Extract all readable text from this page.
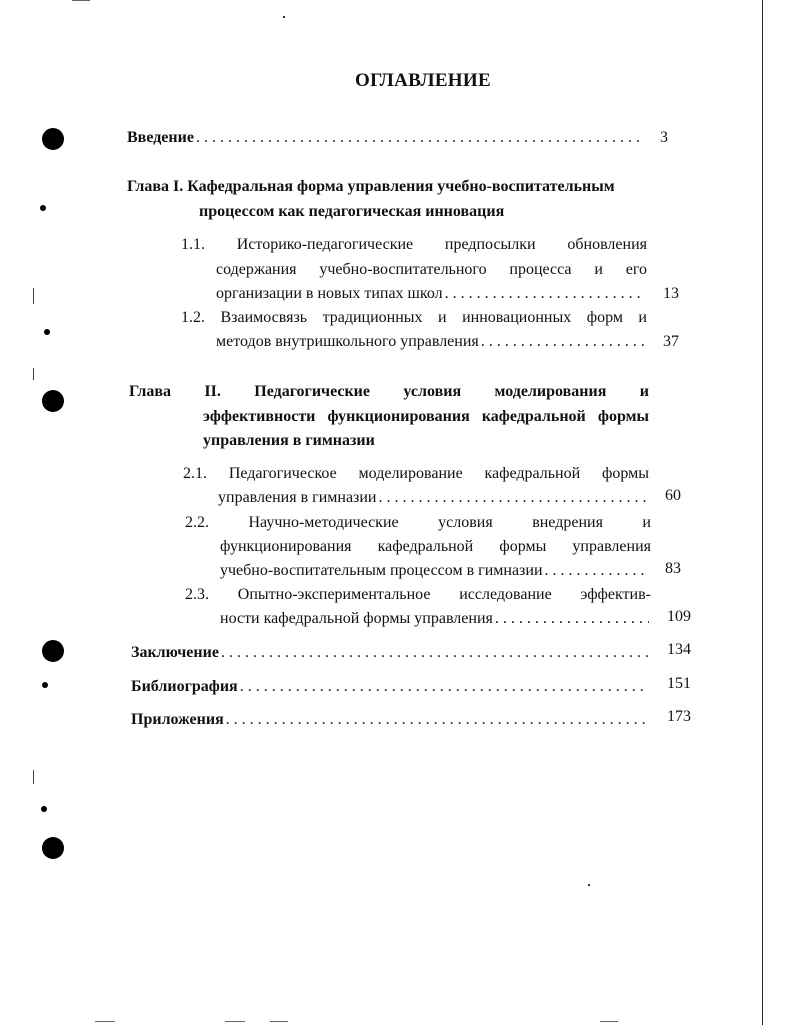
ОГЛАВЛЕНИЕ
Введение . . .	3
Глава I. Кафедральная форма управления учебно-воспитательным
процессом как педагогическая инновация
1.1. Историко-педагогические предпосылки обновления
содержания учебно-воспитательного процесса и его
организации в новых типах школ . . .	13
1.2. Взаимосвязь традиционных и инновационных форм и
методов внутришкольного управления . . .	37
Глава II. Педагогические условия моделирования и
эффективности функционирования кафедральной формы
управления в гимназии
2.1. Педагогическое моделирование кафедральной формы
управления в гимназии . . .	60
2.2. Научно-методические условия внедрения и
функционирования кафедральной формы управления
учебно-воспитательным процессом в гимназии . . .	83
2.3. Опытно-экспериментальное исследование эффектив-
ности кафедральной формы управления . . .	109
Заключение . . .	134
Библиография . . .	151
Приложения . . .	173
